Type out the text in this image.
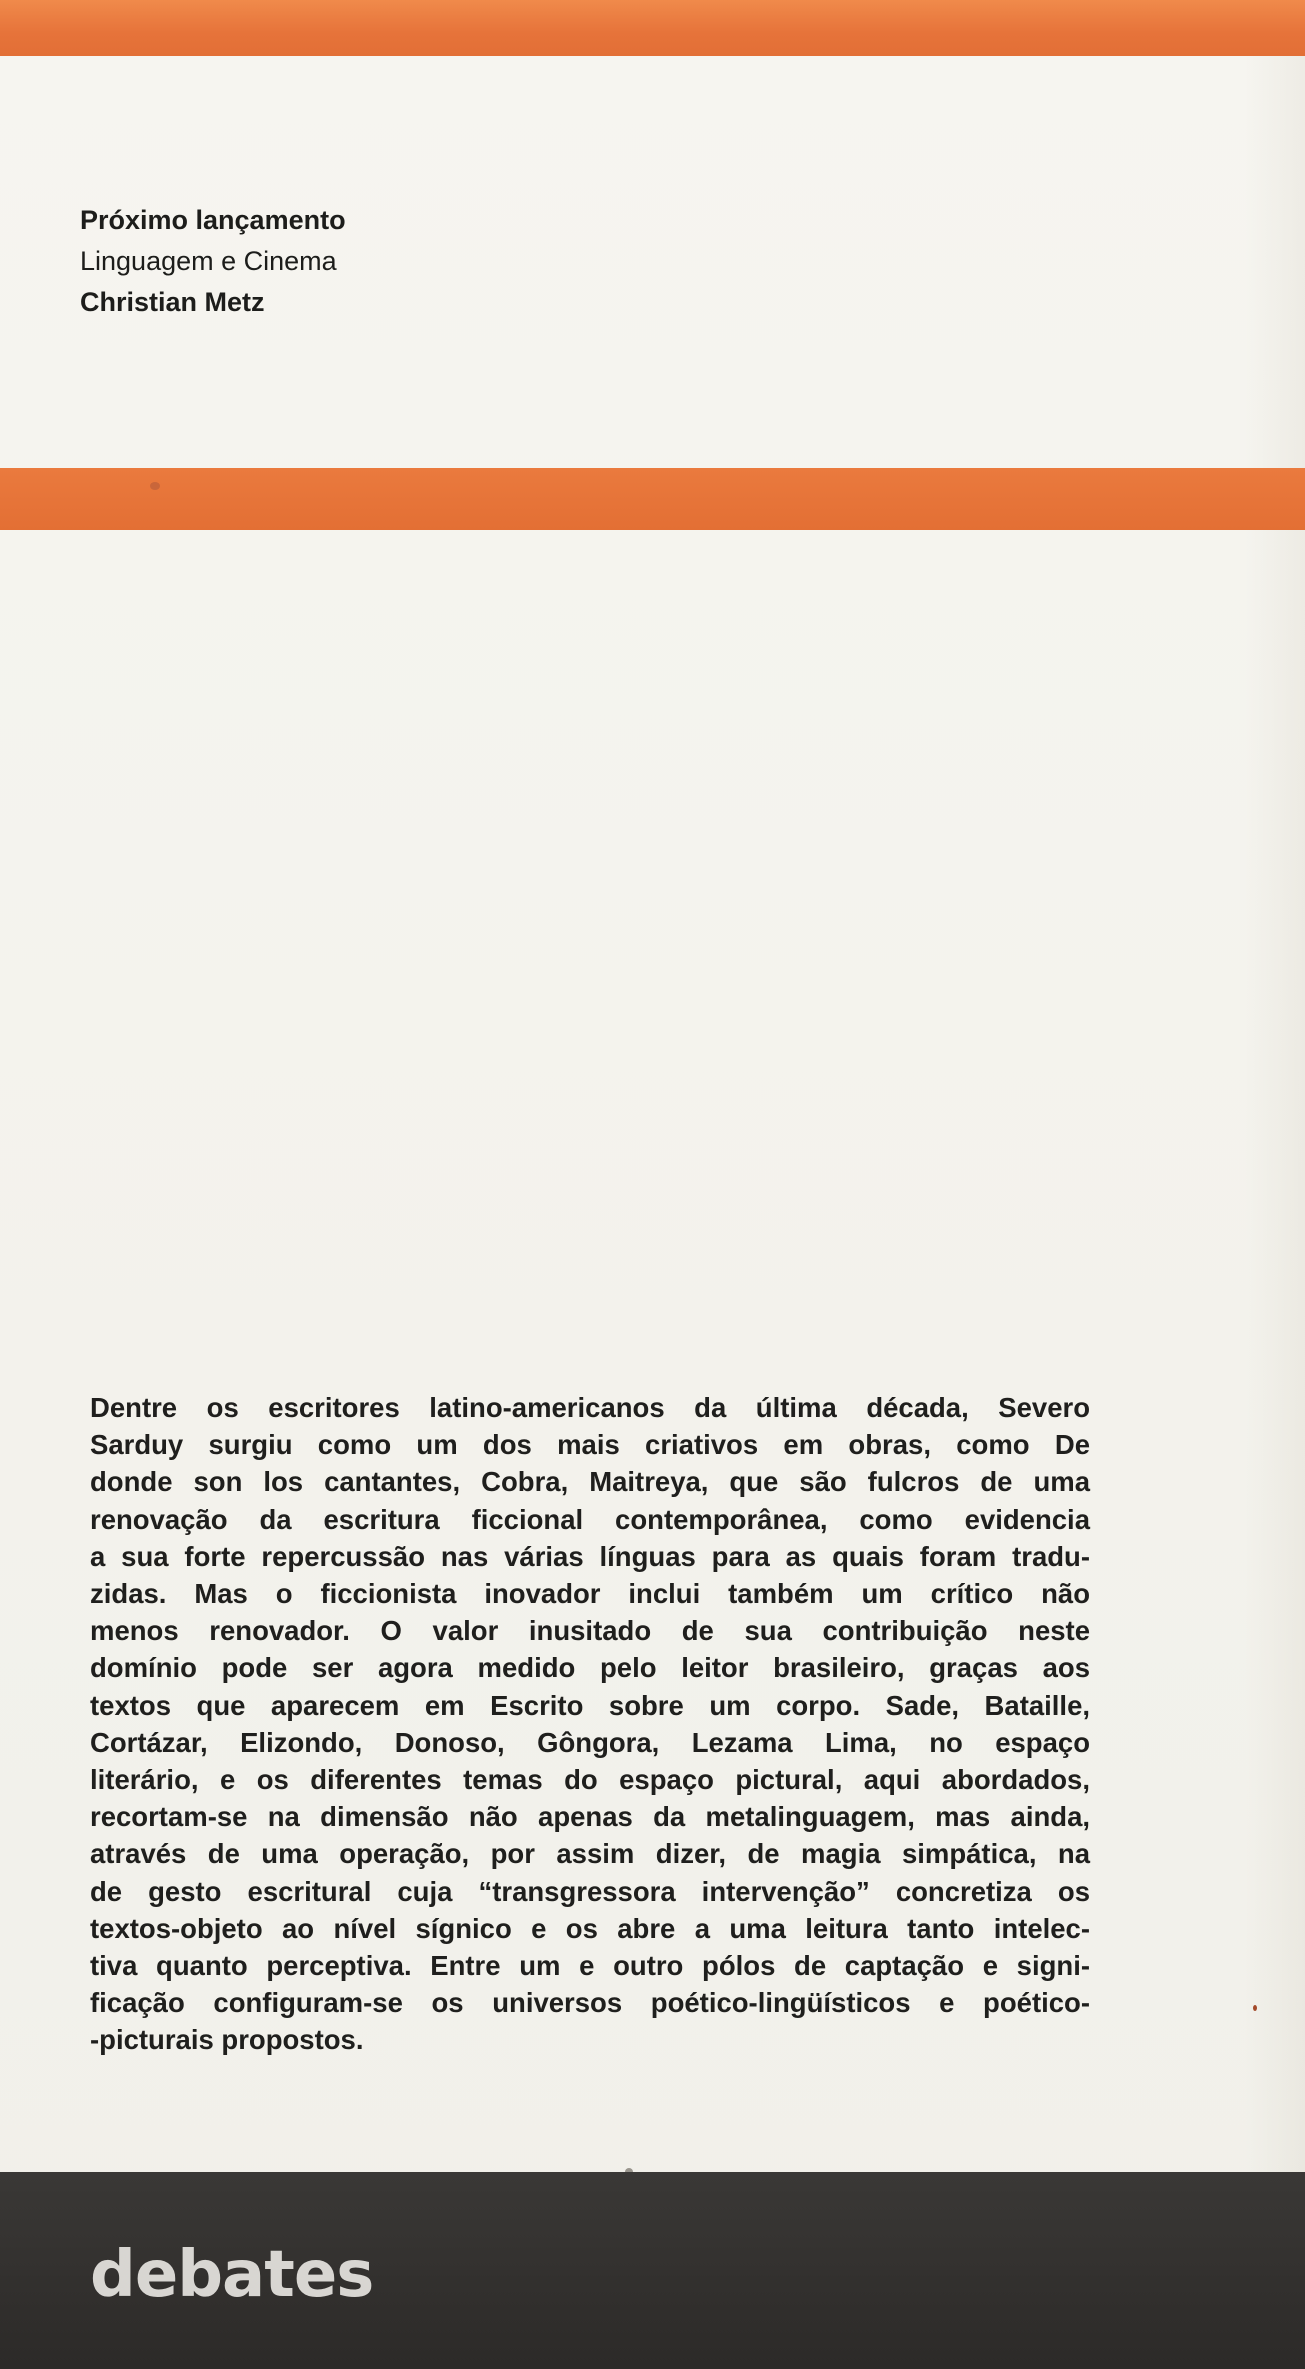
Próximo lançamento
Linguagem e Cinema
Christian Metz
Dentre os escritores latino-americanos da última década, Severo
Sarduy surgiu como um dos mais criativos em obras, como De
donde son los cantantes, Cobra, Maitreya, que são fulcros de uma
renovação da escritura ficcional contemporânea, como evidencia
a sua forte repercussão nas várias línguas para as quais foram tradu-
zidas. Mas o ficcionista inovador inclui também um crítico não
menos renovador. O valor inusitado de sua contribuição neste
domínio pode ser agora medido pelo leitor brasileiro, graças aos
textos que aparecem em Escrito sobre um corpo. Sade, Bataille,
Cortázar, Elizondo, Donoso, Gôngora, Lezama Lima, no espaço
literário, e os diferentes temas do espaço pictural, aqui abordados,
recortam-se na dimensão não apenas da metalinguagem, mas ainda,
através de uma operação, por assim dizer, de magia simpática, na
de gesto escritural cuja “transgressora intervenção” concretiza os
textos-objeto ao nível sígnico e os abre a uma leitura tanto intelec-
tiva quanto perceptiva. Entre um e outro pólos de captação e signi-
ficação configuram-se os universos poético-lingüísticos e poético-
-picturais propostos.
debates
